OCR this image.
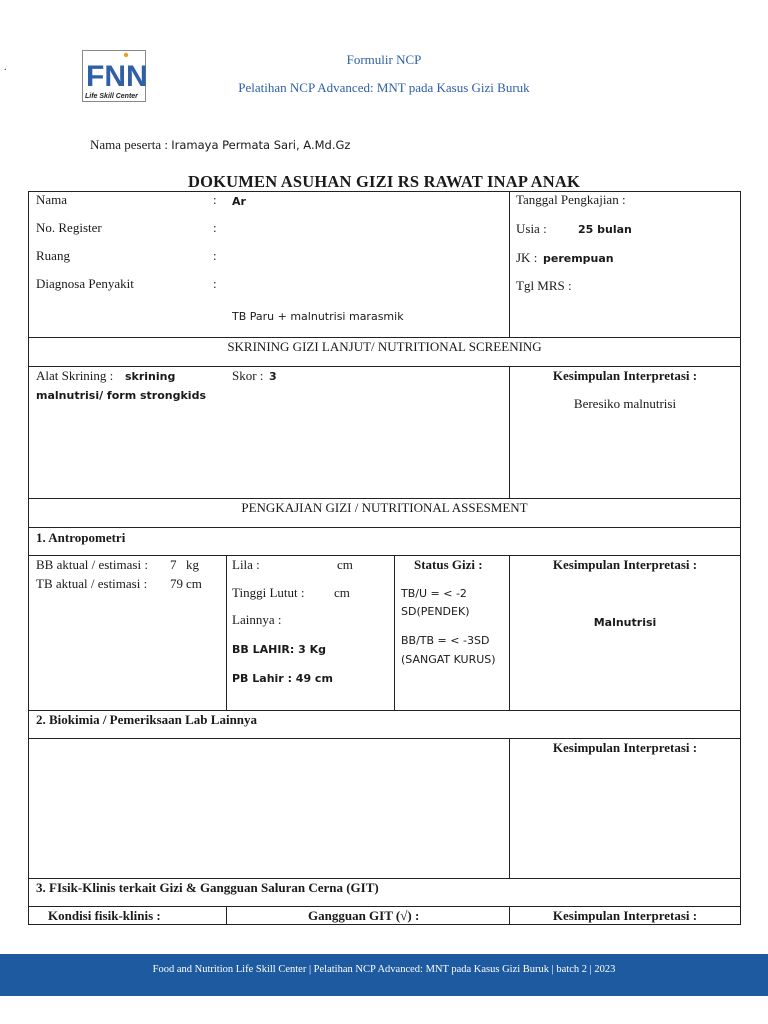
.	FNN
Life Skill Center
Formulir NCP
Pelatihan NCP Advanced: MNT pada Kasus Gizi Buruk
Nama peserta : Iramaya Permata Sari, A.Md.Gz
DOKUMEN ASUHAN GIZI RS RAWAT INAP ANAK
Nama	: Ar
No. Register	:
Ruang	:
Diagnosa Penyakit	:
TB Paru + malnutrisi marasmik
Tanggal Pengkajian :
Usia :	25 bulan
JK : perempuan
Tgl MRS :
SKRINING GIZI LANJUT/ NUTRITIONAL SCREENING
Alat Skrining : skrining
malnutrisi/ form strongkids
Skor : 3	Kesimpulan Interpretasi :
Beresiko malnutrisi
PENGKAJIAN GIZI / NUTRITIONAL ASSESMENT
1. Antropometri
BB aktual / estimasi : 7 kg
TB aktual / estimasi : 79 cm
Lila :	cm
Tinggi Lutut : cm
Lainnya :
BB LAHIR: 3 Kg
PB Lahir : 49 cm
Status Gizi :
TB/U = < -2
SD(PENDEK)
BB/TB = < -3SD
(SANGAT KURUS)
Kesimpulan Interpretasi :
Malnutrisi
2. Biokimia / Pemeriksaan Lab Lainnya
Kesimpulan Interpretasi :
3. FIsik-Klinis terkait Gizi & Gangguan Saluran Cerna (GIT)
Kondisi fisik-klinis :	Gangguan GIT (√) :	Kesimpulan Interpretasi :
Food and Nutrition Life Skill Center | Pelatihan NCP Advanced: MNT pada Kasus Gizi Buruk | batch 2 | 2023
